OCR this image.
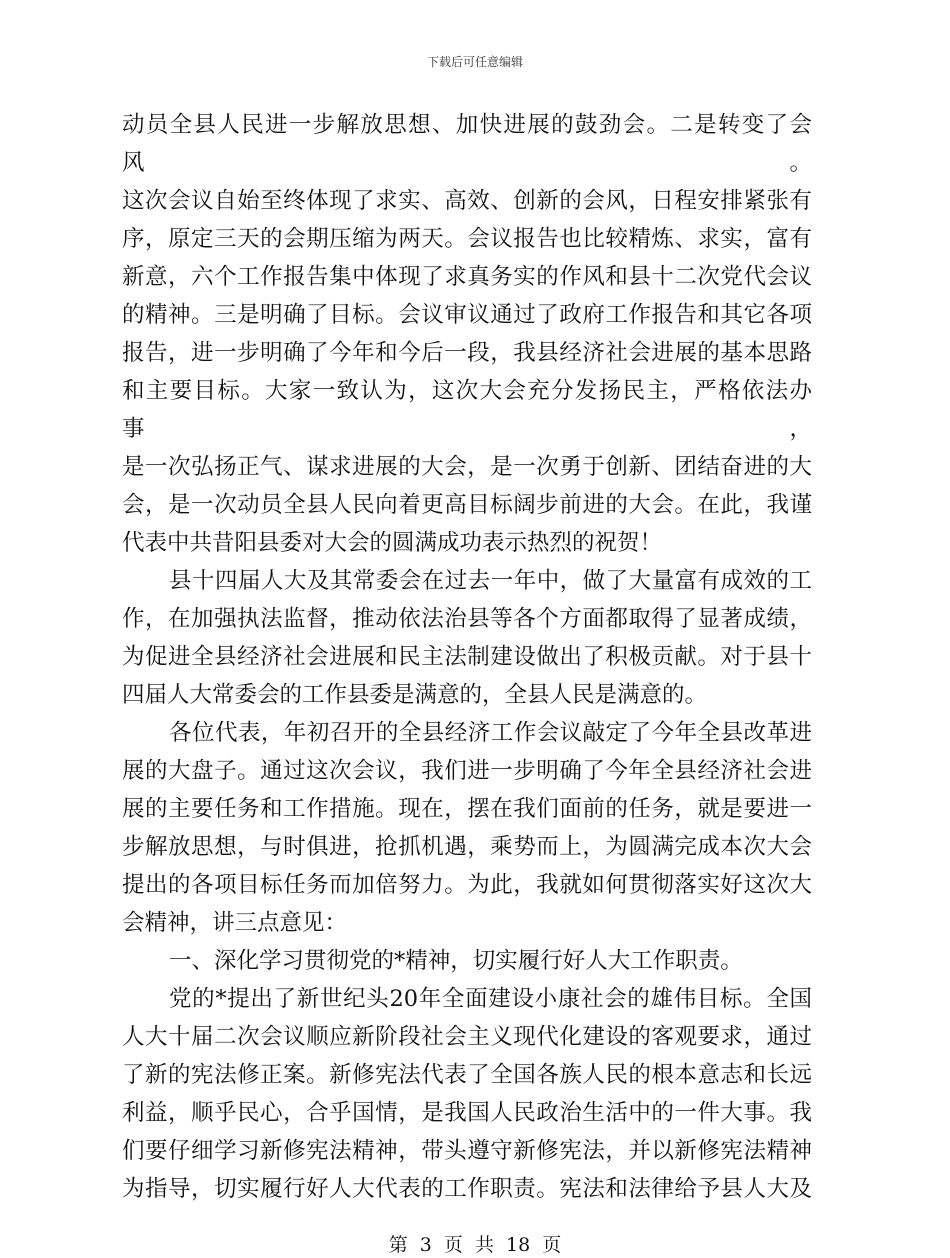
下载后可任意编辑
动员全县人民进一步解放思想、加快进展的鼓劲会。二是转变了会风。
这次会议自始至终体现了求实、高效、创新的会风，日程安排紧张有
序，原定三天的会期压缩为两天。会议报告也比较精炼、求实，富有
新意，六个工作报告集中体现了求真务实的作风和县十二次党代会议
的精神。三是明确了目标。会议审议通过了政府工作报告和其它各项
报告，进一步明确了今年和今后一段，我县经济社会进展的基本思路
和主要目标。大家一致认为，这次大会充分发扬民主，严格依法办事，
是一次弘扬正气、谋求进展的大会，是一次勇于创新、团结奋进的大
会，是一次动员全县人民向着更高目标阔步前进的大会。在此，我谨
代表中共昔阳县委对大会的圆满成功表示热烈的祝贺！
县十四届人大及其常委会在过去一年中，做了大量富有成效的工
作，在加强执法监督，推动依法治县等各个方面都取得了显著成绩，
为促进全县经济社会进展和民主法制建设做出了积极贡献。对于县十
四届人大常委会的工作县委是满意的，全县人民是满意的。
各位代表，年初召开的全县经济工作会议敲定了今年全县改革进
展的大盘子。通过这次会议，我们进一步明确了今年全县经济社会进
展的主要任务和工作措施。现在，摆在我们面前的任务，就是要进一
步解放思想，与时俱进，抢抓机遇，乘势而上，为圆满完成本次大会
提出的各项目标任务而加倍努力。为此，我就如何贯彻落实好这次大
会精神，讲三点意见：
一、深化学习贯彻党的*精神，切实履行好人大工作职责。
党的*提出了新世纪头20年全面建设小康社会的雄伟目标。全国
人大十届二次会议顺应新阶段社会主义现代化建设的客观要求，通过
了新的宪法修正案。新修宪法代表了全国各族人民的根本意志和长远
利益，顺乎民心，合乎国情，是我国人民政治生活中的一件大事。我
们要仔细学习新修宪法精神，带头遵守新修宪法，并以新修宪法精神
为指导，切实履行好人大代表的工作职责。宪法和法律给予县人大及
第 3 页 共 18 页
